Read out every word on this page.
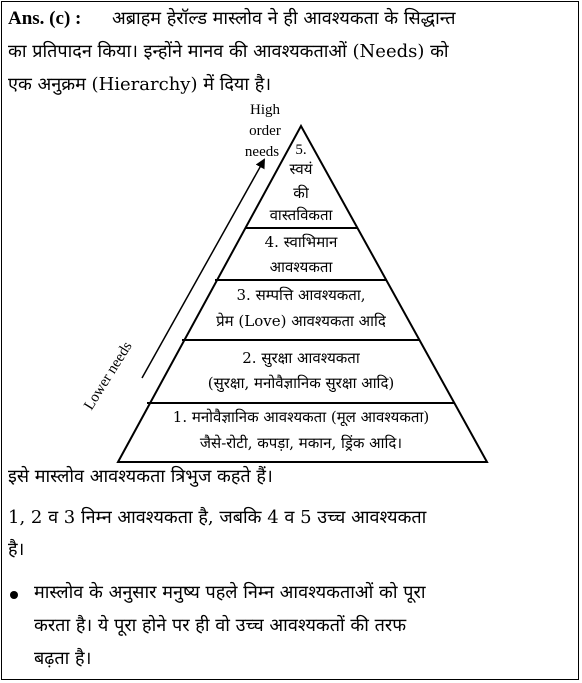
Ans. (c) : अब्राहम हेरॉल्ड मास्लोव ने ही आवश्यकता के सिद्धान्त
का प्रतिपादन किया। इन्होंने मानव की आवश्यकताओं (Needs) को
एक अनुक्रम (Hierarchy) में दिया है।
High
order
needs
Lower needs
5.
स्वयं
की
वास्तविकता
4. स्वाभिमान
आवश्यकता
3. सम्पत्ति आवश्यकता,
प्रेम (Love) आवश्यकता आदि
2. सुरक्षा आवश्यकता
(सुरक्षा, मनोवैज्ञानिक सुरक्षा आदि)
1. मनोवैज्ञानिक आवश्यकता (मूल आवश्यकता)
जैसे-रोटी, कपड़ा, मकान, ड्रिंक आदि।
इसे मास्लोव आवश्यकता त्रिभुज कहते हैं।
1, 2 व 3 निम्न आवश्यकता है, जबकि 4 व 5 उच्च आवश्यकता
है।
मास्लोव के अनुसार मनुष्य पहले निम्न आवश्यकताओं को पूरा
करता है। ये पूरा होने पर ही वो उच्च आवश्यकतों की तरफ
बढ़ता है।
